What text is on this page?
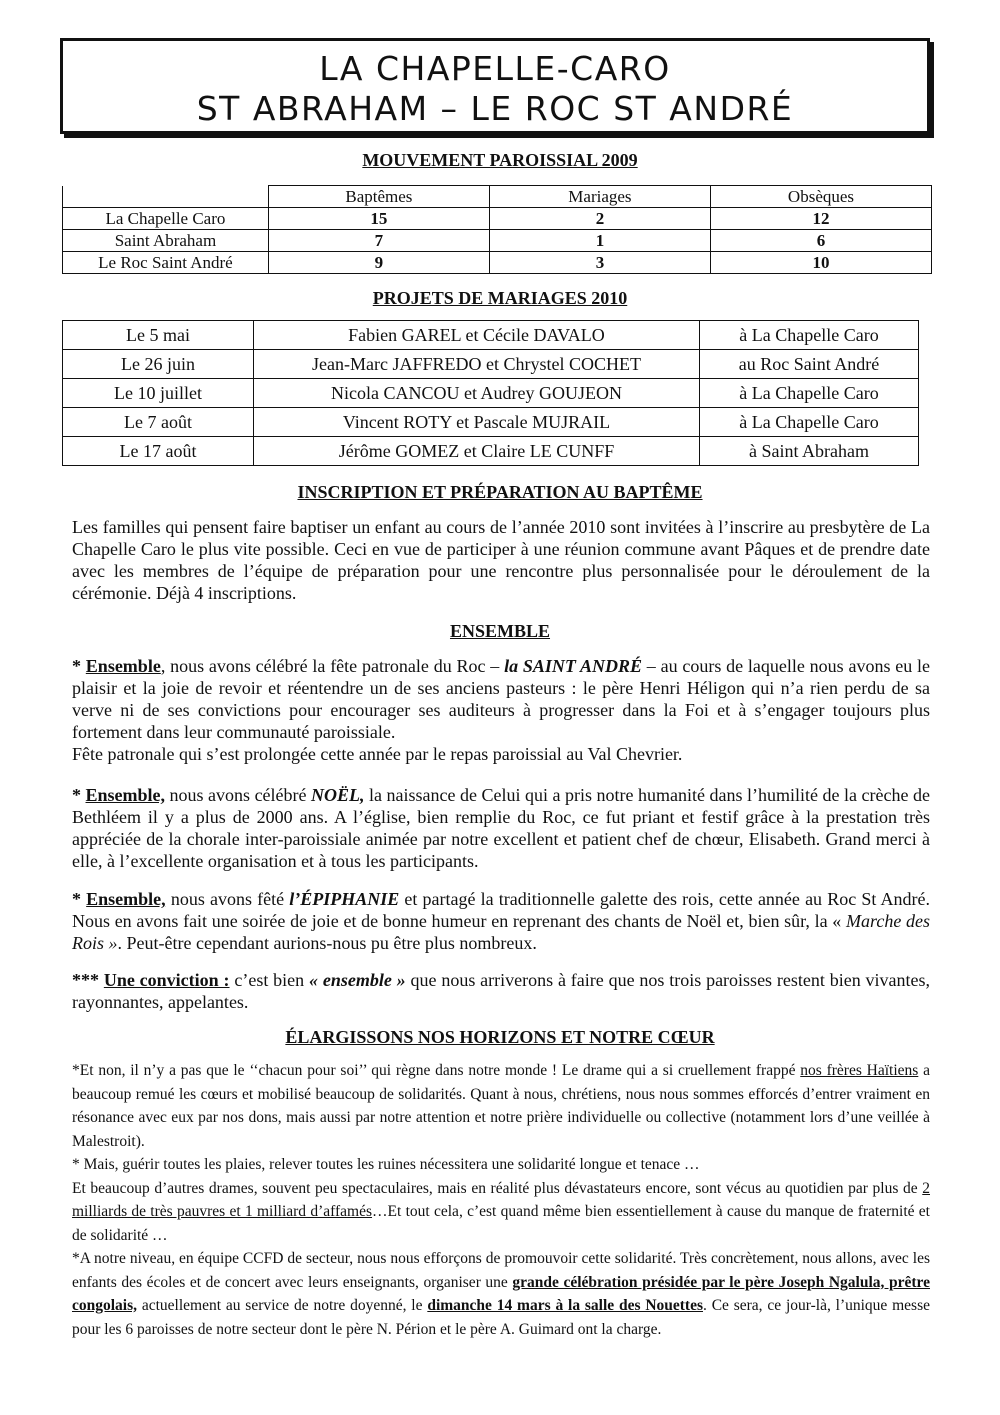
LA CHAPELLE-CARO
ST ABRAHAM – LE ROC ST ANDRÉ
MOUVEMENT PAROISSIAL 2009
	Baptêmes	Mariages	Obsèques
La Chapelle Caro	15	2	12
Saint Abraham	7	1	6
Le Roc Saint André	9	3	10
PROJETS DE MARIAGES 2010
Le 5 mai	Fabien GAREL et Cécile DAVALO	à La Chapelle Caro
Le 26 juin	Jean-Marc JAFFREDO et Chrystel COCHET	au Roc Saint André
Le 10 juillet	Nicola CANCOU et Audrey GOUJEON	à La Chapelle Caro
Le 7 août	Vincent ROTY et Pascale MUJRAIL	à La Chapelle Caro
Le 17 août	Jérôme GOMEZ et Claire LE CUNFF	à Saint Abraham
INSCRIPTION ET PRÉPARATION AU BAPTÊME

Les familles qui pensent faire baptiser un enfant au cours de l’année 2010 sont invitées à l’inscrire au presbytère de La Chapelle Caro le plus vite possible. Ceci en vue de participer à une réunion commune avant Pâques et de prendre date avec les membres de l’équipe de préparation pour une rencontre plus personnalisée pour le déroulement de la cérémonie. Déjà 4 inscriptions.

ENSEMBLE

* Ensemble, nous avons célébré la fête patronale du Roc – la SAINT ANDRÉ – au cours de laquelle nous avons eu le plaisir et la joie de revoir et réentendre un de ses anciens pasteurs : le père Henri Héligon qui n’a rien perdu de sa verve ni de ses convictions pour encourager ses auditeurs à progresser dans la Foi et à s’engager toujours plus fortement dans leur communauté paroissiale.

Fête patronale qui s’est prolongée cette année par le repas paroissial au Val Chevrier.

* Ensemble, nous avons célébré NOËL, la naissance de Celui qui a pris notre humanité dans l’humilité de la crèche de Bethléem il y a plus de 2000 ans. A l’église, bien remplie du Roc, ce fut priant et festif grâce à la prestation très appréciée de la chorale inter-paroissiale animée par notre excellent et patient chef de chœur, Elisabeth. Grand merci à elle, à l’excellente organisation et à tous les participants.

* Ensemble, nous avons fêté l’ÉPIPHANIE et partagé la traditionnelle galette des rois, cette année au Roc St André. Nous en avons fait une soirée de joie et de bonne humeur en reprenant des chants de Noël et, bien sûr, la « Marche des Rois ». Peut-être cependant aurions-nous pu être plus nombreux.

*** Une conviction : c’est bien « ensemble » que nous arriverons à faire que nos trois paroisses restent bien vivantes, rayonnantes, appelantes.

ÉLARGISSONS NOS HORIZONS ET NOTRE CŒUR

*Et non, il n’y a pas que le ‘‘chacun pour soi’’ qui règne dans notre monde ! Le drame qui a si cruellement frappé nos frères Haïtiens a beaucoup remué les cœurs et mobilisé beaucoup de solidarités. Quant à nous, chrétiens, nous nous sommes efforcés d’entrer vraiment en résonance avec eux par nos dons, mais aussi par notre attention et notre prière individuelle ou collective (notamment lors d’une veillée à Malestroit).

* Mais, guérir toutes les plaies, relever toutes les ruines nécessitera une solidarité longue et tenace …

Et beaucoup d’autres drames, souvent peu spectaculaires, mais en réalité plus dévastateurs encore, sont vécus au quotidien par plus de 2 milliards de très pauvres et 1 milliard d’affamés…Et tout cela, c’est quand même bien essentiellement à cause du manque de fraternité et de solidarité …

*A notre niveau, en équipe CCFD de secteur, nous nous efforçons de promouvoir cette solidarité. Très concrètement, nous allons, avec les enfants des écoles et de concert avec leurs enseignants, organiser une grande célébration présidée par le père Joseph Ngalula, prêtre congolais, actuellement au service de notre doyenné, le dimanche 14 mars à la salle des Nouettes. Ce sera, ce jour-là, l’unique messe pour les 6 paroisses de notre secteur dont le père N. Périon et le père A. Guimard ont la charge.
